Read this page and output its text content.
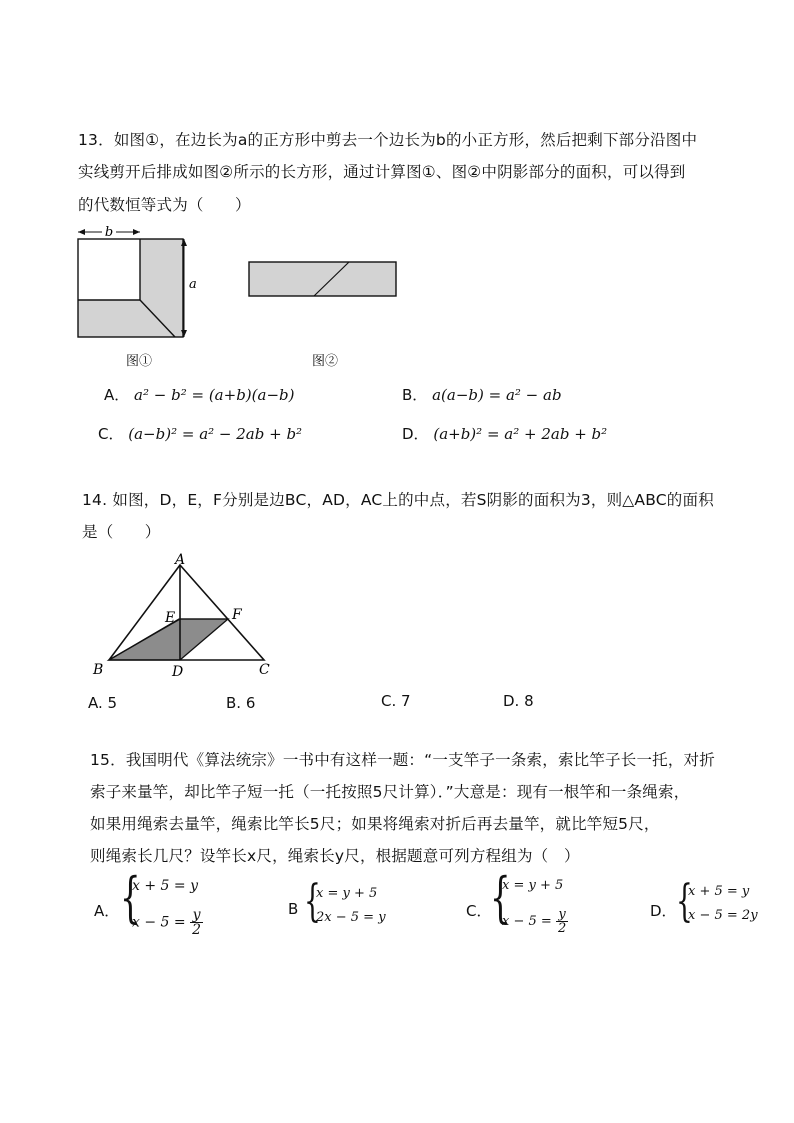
13．如图①，在边长为a的正方形中剪去一个边长为b的小正方形，然后把剩下部分沿图中
实线剪开后排成如图②所示的长方形，通过计算图①、图②中阴影部分的面积，可以得到
的代数恒等式为（　　）
b
a
图①	图②
A． a² − b² = (a+b)(a−b)	B． a(a−b) = a² − ab
C． (a−b)² = a² − 2ab + b²	D． (a+b)² = a² + 2ab + b²
14. 如图，D，E，F分别是边BC，AD，AC上的中点，若S阴影的面积为3，则△ABC的面积
是（　　）
A
B	C
D
E	F
A. 5	B. 6	C. 7	D. 8
15．我国明代《算法统宗》一书中有这样一题：“一支竿子一条索，索比竿子长一托，对折
索子来量竿，却比竿子短一托（一托按照5尺计算）．”大意是：现有一根竿和一条绳索，
如果用绳索去量竿，绳索比竿长5尺；如果将绳索对折后再去量竿，就比竿短5尺，
则绳索长几尺？设竿长x尺，绳索长y尺，根据题意可列方程组为（　）
A． {
x + 5 = y
$x - 5 = \frac{y}{2}$	B {
x = y + 5
2x − 5 = y	C．
{
x = y + 5
$x - 5 = \frac{y}{2}$	D． {
x + 5 = y
x − 5 = 2y
